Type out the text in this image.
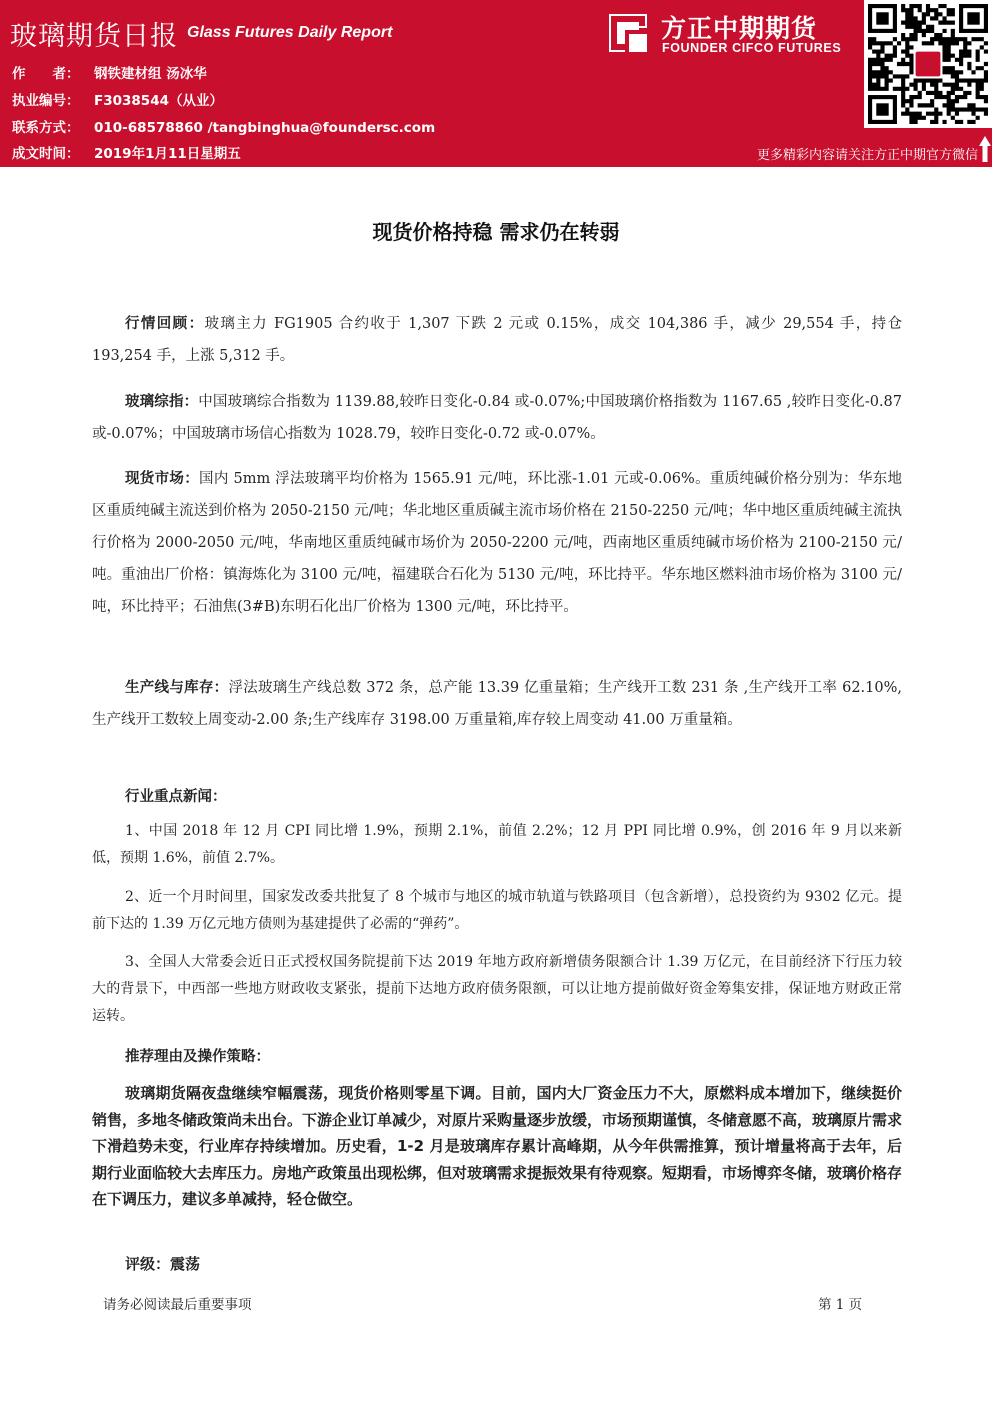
玻璃期货日报 Glass Futures Daily Report	方正中期期货
FOUNDER CIFCO FUTURES
作　　者： 钢铁建材组 汤冰华
执业编号： F3038544（从业）
联系方式： 010-68578860 /tangbinghua@foundersc.com
成文时间： 2019年1月11日星期五	更多精彩内容请关注方正中期官方微信
现货价格持稳 需求仍在转弱

行情回顾：玻璃主力 FG1905 合约收于 1,307 下跌 2 元或 0.15%，成交 104,386 手，减少 29,554 手，持仓 193,254 手，上涨 5,312 手。

玻璃综指：中国玻璃综合指数为 1139.88,较昨日变化-0.84 或-0.07%;中国玻璃价格指数为 1167.65 ,较昨日变化-0.87 或-0.07%；中国玻璃市场信心指数为 1028.79，较昨日变化-0.72 或-0.07%。

现货市场：国内 5mm 浮法玻璃平均价格为 1565.91 元/吨，环比涨-1.01 元或-0.06%。重质纯碱价格分别为：华东地区重质纯碱主流送到价格为 2050-2150 元/吨；华北地区重质碱主流市场价格在 2150-2250 元/吨；华中地区重质纯碱主流执行价格为 2000-2050 元/吨，华南地区重质纯碱市场价为 2050-2200 元/吨，西南地区重质纯碱市场价格为 2100-2150 元/吨。重油出厂价格：镇海炼化为 3100 元/吨，福建联合石化为 5130 元/吨，环比持平。华东地区燃料油市场价格为 3100 元/吨，环比持平；石油焦(3#B)东明石化出厂价格为 1300 元/吨，环比持平。

生产线与库存：浮法玻璃生产线总数 372 条，总产能 13.39 亿重量箱；生产线开工数 231 条 ,生产线开工率 62.10%,生产线开工数较上周变动-2.00 条;生产线库存 3198.00 万重量箱,库存较上周变动 41.00 万重量箱。

行业重点新闻：

1、中国 2018 年 12 月 CPI 同比增 1.9%，预期 2.1%，前值 2.2%；12 月 PPI 同比增 0.9%，创 2016 年 9 月以来新低，预期 1.6%，前值 2.7%。

2、近一个月时间里，国家发改委共批复了 8 个城市与地区的城市轨道与铁路项目（包含新增），总投资约为 9302 亿元。提前下达的 1.39 万亿元地方债则为基建提供了必需的“弹药”。

3、全国人大常委会近日正式授权国务院提前下达 2019 年地方政府新增债务限额合计 1.39 万亿元，在目前经济下行压力较大的背景下，中西部一些地方财政收支紧张，提前下达地方政府债务限额，可以让地方提前做好资金筹集安排，保证地方财政正常运转。

推荐理由及操作策略：

玻璃期货隔夜盘继续窄幅震荡，现货价格则零星下调。目前，国内大厂资金压力不大，原燃料成本增加下，继续挺价销售，多地冬储政策尚未出台。下游企业订单减少，对原片采购量逐步放缓，市场预期谨慎，冬储意愿不高，玻璃原片需求下滑趋势未变，行业库存持续增加。历史看，1-2 月是玻璃库存累计高峰期，从今年供需推算，预计增量将高于去年，后期行业面临较大去库压力。房地产政策虽出现松绑，但对玻璃需求提振效果有待观察。短期看，市场博弈冬储，玻璃价格存在下调压力，建议多单减持，轻仓做空。

评级：震荡
请务必阅读最后重要事项	第 1 页
